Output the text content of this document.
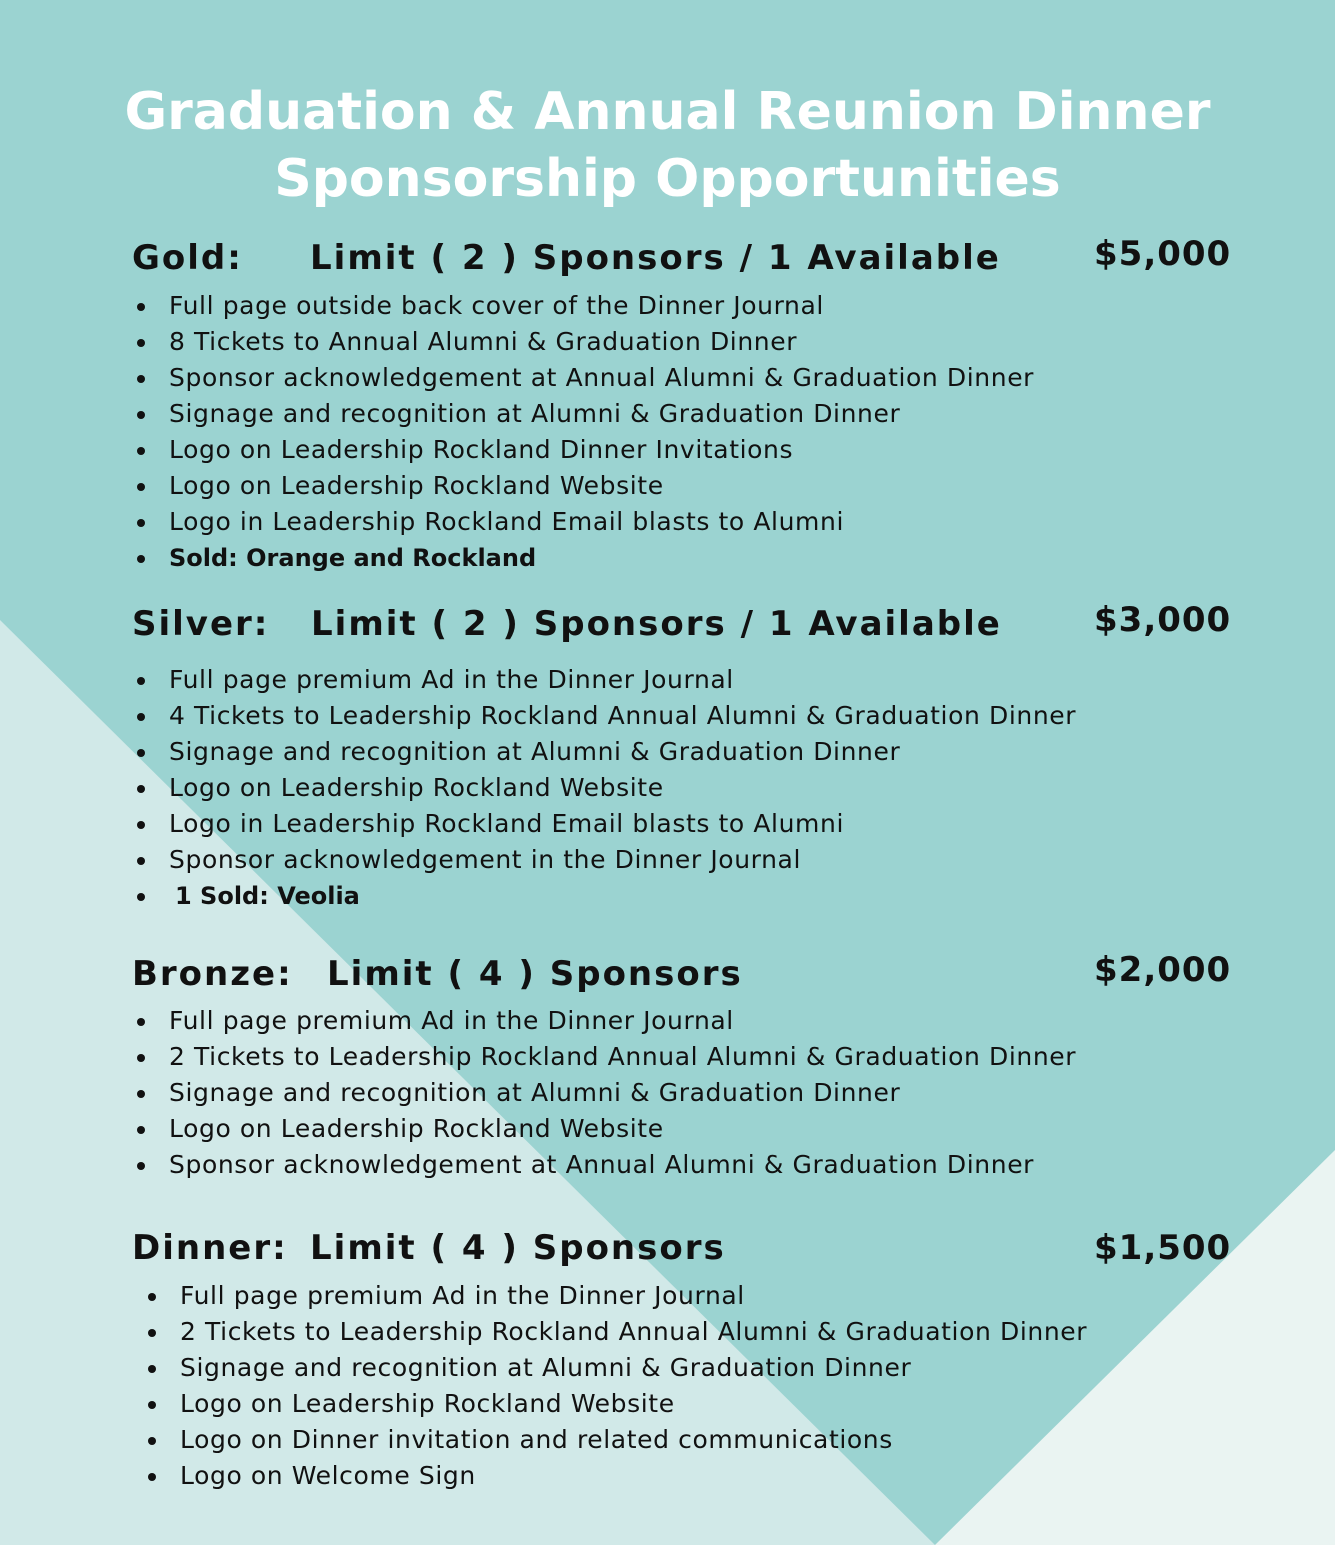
Graduation & Annual Reunion Dinner
Sponsorship Opportunities
Gold: Limit ( 2 ) Sponsors / 1 Available	$5,000
Full page outside back cover of the Dinner Journal
8 Tickets to Annual Alumni & Graduation Dinner
Sponsor acknowledgement at Annual Alumni & Graduation Dinner
Signage and recognition at Alumni & Graduation Dinner
Logo on Leadership Rockland Dinner Invitations
Logo on Leadership Rockland Website
Logo in Leadership Rockland Email blasts to Alumni
Sold: Orange and Rockland
Silver: Limit ( 2 ) Sponsors / 1 Available	$3,000
Full page premium Ad in the Dinner Journal
4 Tickets to Leadership Rockland Annual Alumni & Graduation Dinner
Signage and recognition at Alumni & Graduation Dinner
Logo on Leadership Rockland Website
Logo in Leadership Rockland Email blasts to Alumni
Sponsor acknowledgement in the Dinner Journal
1 Sold: Veolia
Bronze: Limit ( 4 ) Sponsors	$2,000
Full page premium Ad in the Dinner Journal
2 Tickets to Leadership Rockland Annual Alumni & Graduation Dinner
Signage and recognition at Alumni & Graduation Dinner
Logo on Leadership Rockland Website
Sponsor acknowledgement at Annual Alumni & Graduation Dinner
Dinner: Limit ( 4 ) Sponsors	$1,500
Full page premium Ad in the Dinner Journal
2 Tickets to Leadership Rockland Annual Alumni & Graduation Dinner
Signage and recognition at Alumni & Graduation Dinner
Logo on Leadership Rockland Website
Logo on Dinner invitation and related communications
Logo on Welcome Sign
